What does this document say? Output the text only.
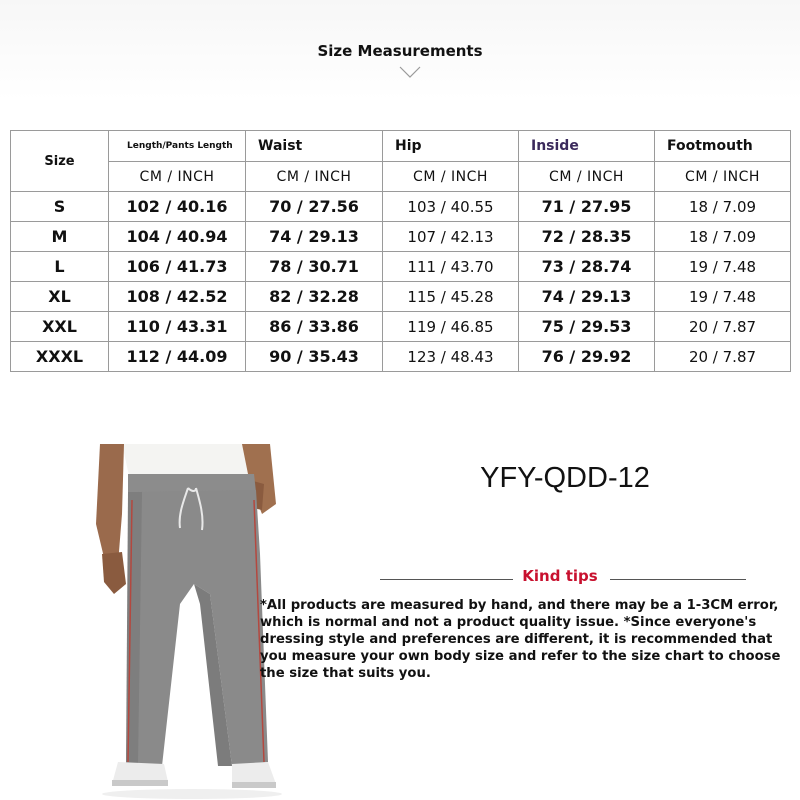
Size Measurements
Size	Length/Pants Length	Waist	Hip	Inside	Footmouth
	CM / INCH	CM / INCH	CM / INCH	CM / INCH	CM / INCH
S	102 / 40.16	70 / 27.56	103 / 40.55	71 / 27.95	18 / 7.09
M	104 / 40.94	74 / 29.13	107 / 42.13	72 / 28.35	18 / 7.09
L	106 / 41.73	78 / 30.71	111 / 43.70	73 / 28.74	19 / 7.48
XL	108 / 42.52	82 / 32.28	115 / 45.28	74 / 29.13	19 / 7.48
XXL	110 / 43.31	86 / 33.86	119 / 46.85	75 / 29.53	20 / 7.87
XXXL	112 / 44.09	90 / 35.43	123 / 48.43	76 / 29.92	20 / 7.87
YFY-QDD-12
Kind tips
*All products are measured by hand, and there may be a 1-3CM error, which is normal and not a product quality issue. *Since everyone's dressing style and preferences are different, it is recommended that you measure your own body size and refer to the size chart to choose the size that suits you.
